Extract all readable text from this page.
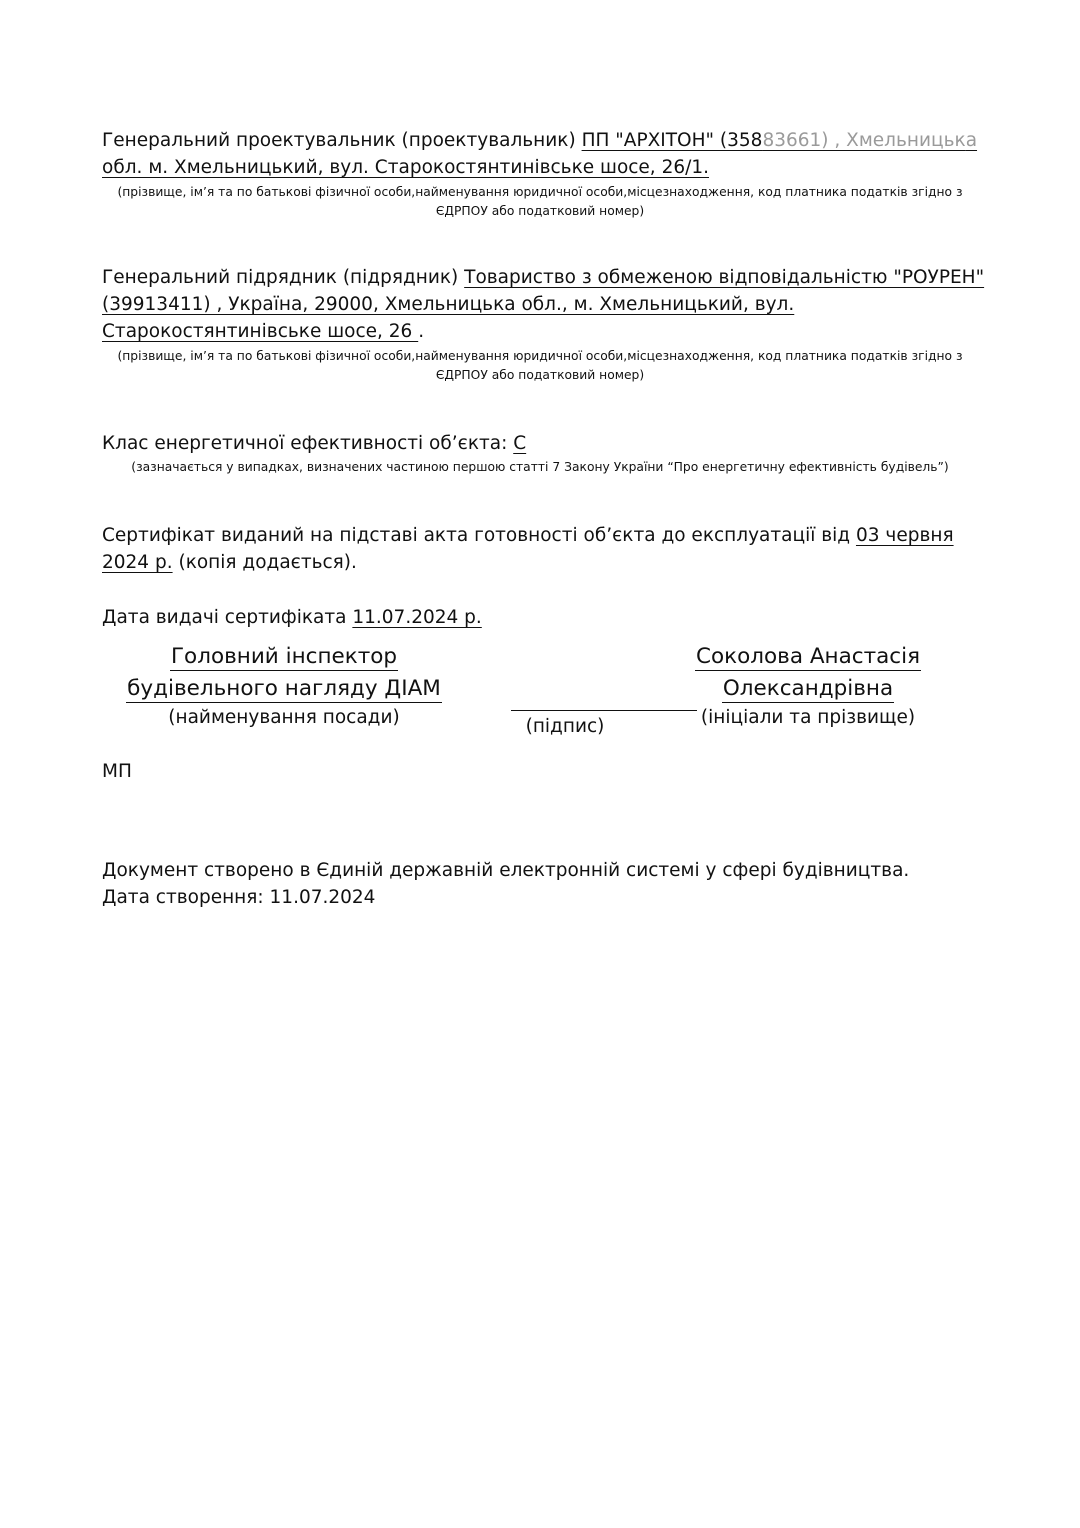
Генеральний проектувальник (проектувальник) ПП "АРХІТОН" (35883661) , Хмельницька
обл. м. Хмельницький, вул. Старокостянтинівське шосе, 26/1.
(прізвище, ім’я та по батькові фізичної особи,найменування юридичної особи,місцезнаходження, код платника податків згідно з
ЄДРПОУ або податковий номер)
Генеральний підрядник (підрядник) Товариство з обмеженою відповідальністю "РОУРЕН"
(39913411) , Україна, 29000, Хмельницька обл., м. Хмельницький, вул.
Старокостянтинівське шосе, 26 .
(прізвище, ім’я та по батькові фізичної особи,найменування юридичної особи,місцезнаходження, код платника податків згідно з
ЄДРПОУ або податковий номер)
Клас енергетичної ефективності об’єкта: C
(зазначається у випадках, визначених частиною першою статті 7 Закону України “Про енергетичну ефективність будівель”)
Сертифікат виданий на підставі акта готовності об’єкта до експлуатації від 03 червня
2024 р. (копія додається).
Дата видачі сертифіката 11.07.2024 р.
Головний інспектор
будівельного нагляду ДІАМ
(найменування посади)	(підпис)
Соколова Анастасія
Олександрівна
(ініціали та прізвище)
МП
Документ створено в Єдиній державній електронній системі у сфері будівництва.
Дата створення: 11.07.2024
